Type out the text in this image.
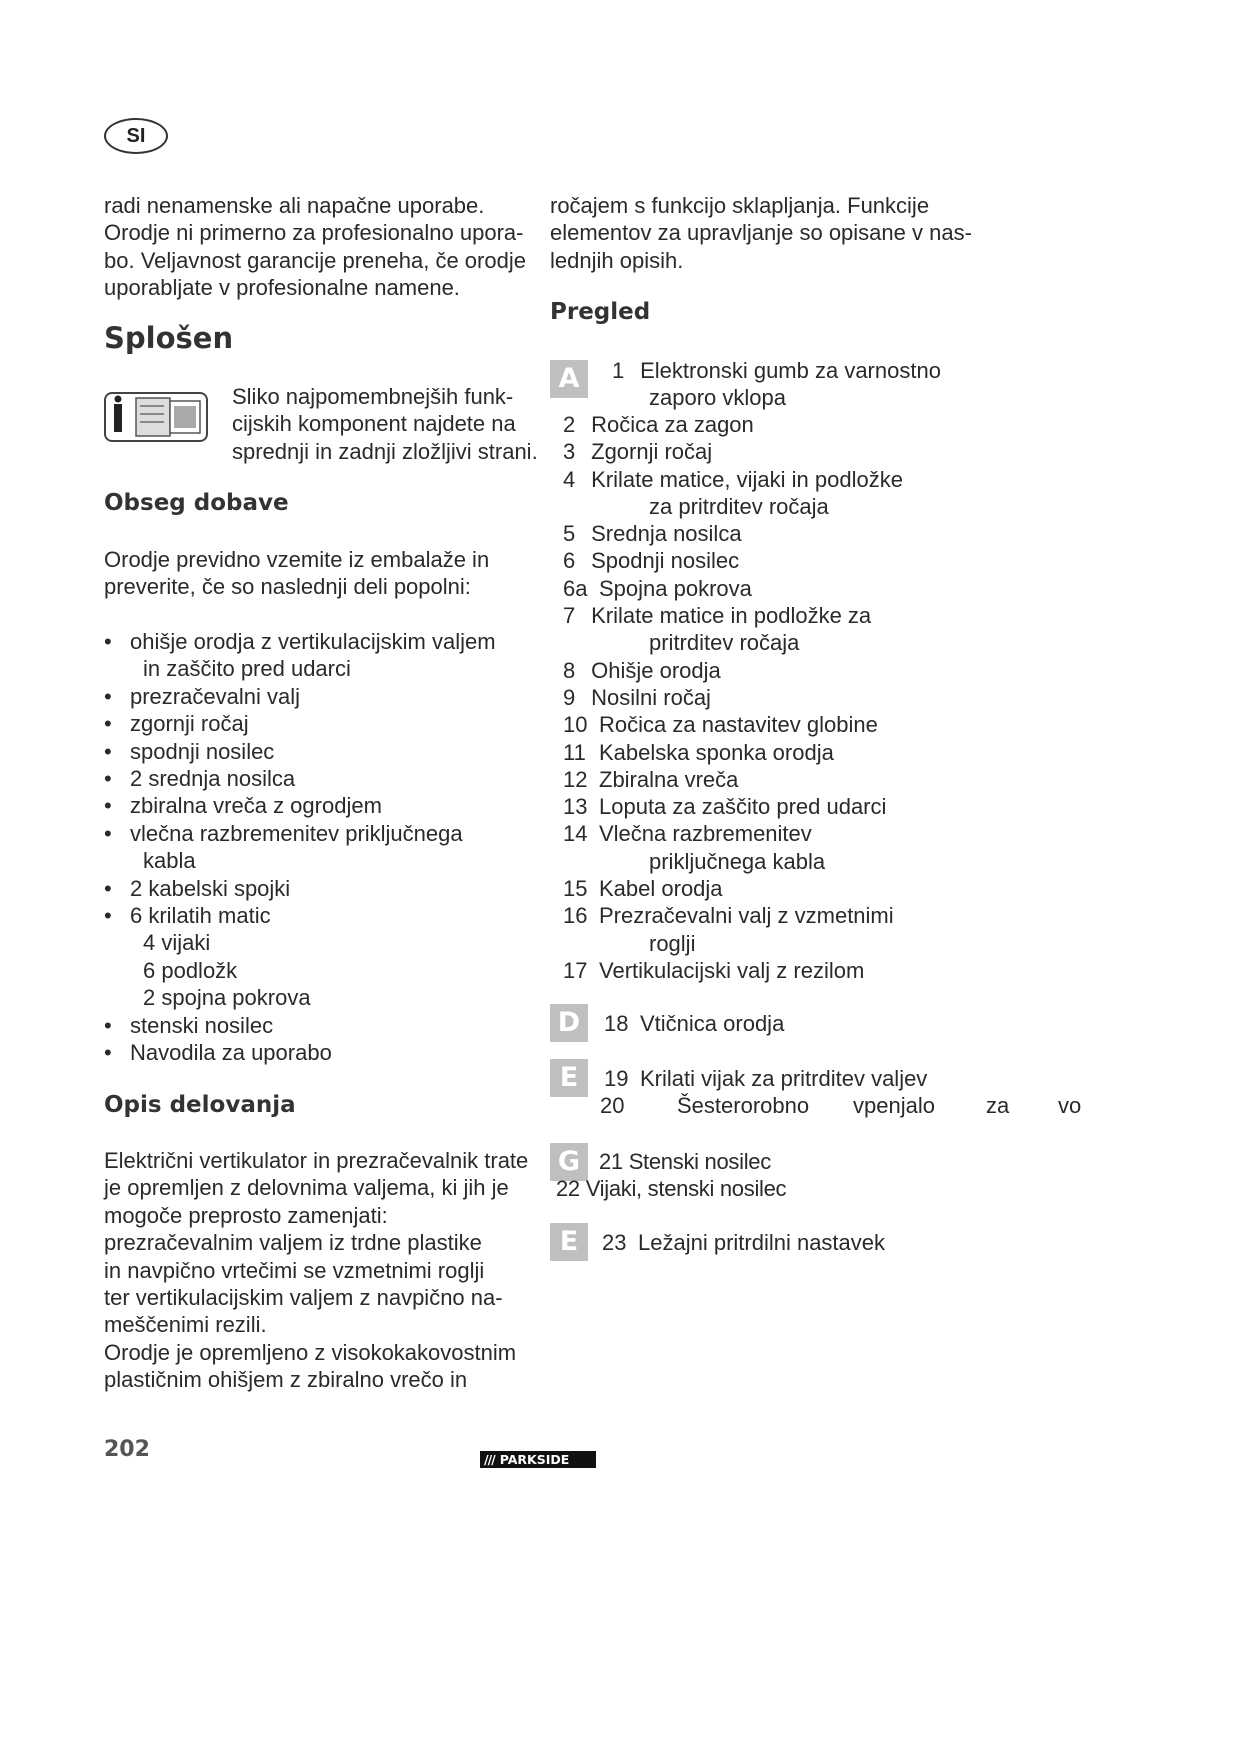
SI
radi nenamenske ali napačne uporabe.
Orodje ni primerno za profesionalno upora-
bo. Veljavnost garancije preneha, če orodje
uporabljate v profesionalne namene.
Splošen
Sliko najpomembnejših funk-
cijskih komponent najdete na
sprednji in zadnji zložljivi strani.
Obseg dobave
Orodje previdno vzemite iz embalaže in
preverite, če so naslednji deli popolni:
• ohišje orodja z vertikulacijskim valjem
in zaščito pred udarci
• prezračevalni valj
• zgornji ročaj
• spodnji nosilec
• 2 srednja nosilca
• zbiralna vreča z ogrodjem
• vlečna razbremenitev priključnega
kabla
• 2 kabelski spojki
• 6 krilatih matic
4 vijaki
6 podložk
2 spojna pokrova
• stenski nosilec
• Navodila za uporabo
Opis delovanja
Električni vertikulator in prezračevalnik trate
je opremljen z delovnima valjema, ki jih je
mogoče preprosto zamenjati:
prezračevalnim valjem iz trdne plastike
in navpično vrtečimi se vzmetnimi roglji
ter vertikulacijskim valjem z navpično na-
meščenimi rezili.
Orodje je opremljeno z visokokakovostnim
plastičnim ohišjem z zbiralno vrečo in
ročajem s funkcijo sklapljanja. Funkcije
elementov za upravljanje so opisane v nas-
lednjih opisih.
Pregled
A	1 Elektronski gumb za varnostno
zaporo vklopa
2 Ročica za zagon
3 Zgornji ročaj
4 Krilate matice, vijaki in podložke
za pritrditev ročaja
5 Srednja nosilca
6 Spodnji nosilec
6a Spojna pokrova
7 Krilate matice in podložke za
pritrditev ročaja
8 Ohišje orodja
9 Nosilni ročaj
10 Ročica za nastavitev globine
11 Kabelska sponka orodja
12 Zbiralna vreča
13 Loputa za zaščito pred udarci
14 Vlečna razbremenitev
priključnega kabla
15 Kabel orodja
16 Prezračevalni valj z vzmetnimi
roglji
17 Vertikulacijski valj z rezilom
D	18 Vtičnica orodja
E	19 Krilati vijak za pritrditev valjev
20 Šesterorobno vpenjalo za vo
G 21 Stenski nosilec
22 Vijaki, stenski nosilec
E	23 Ležajni pritrdilni nastavek
202	/// PARKSIDE
